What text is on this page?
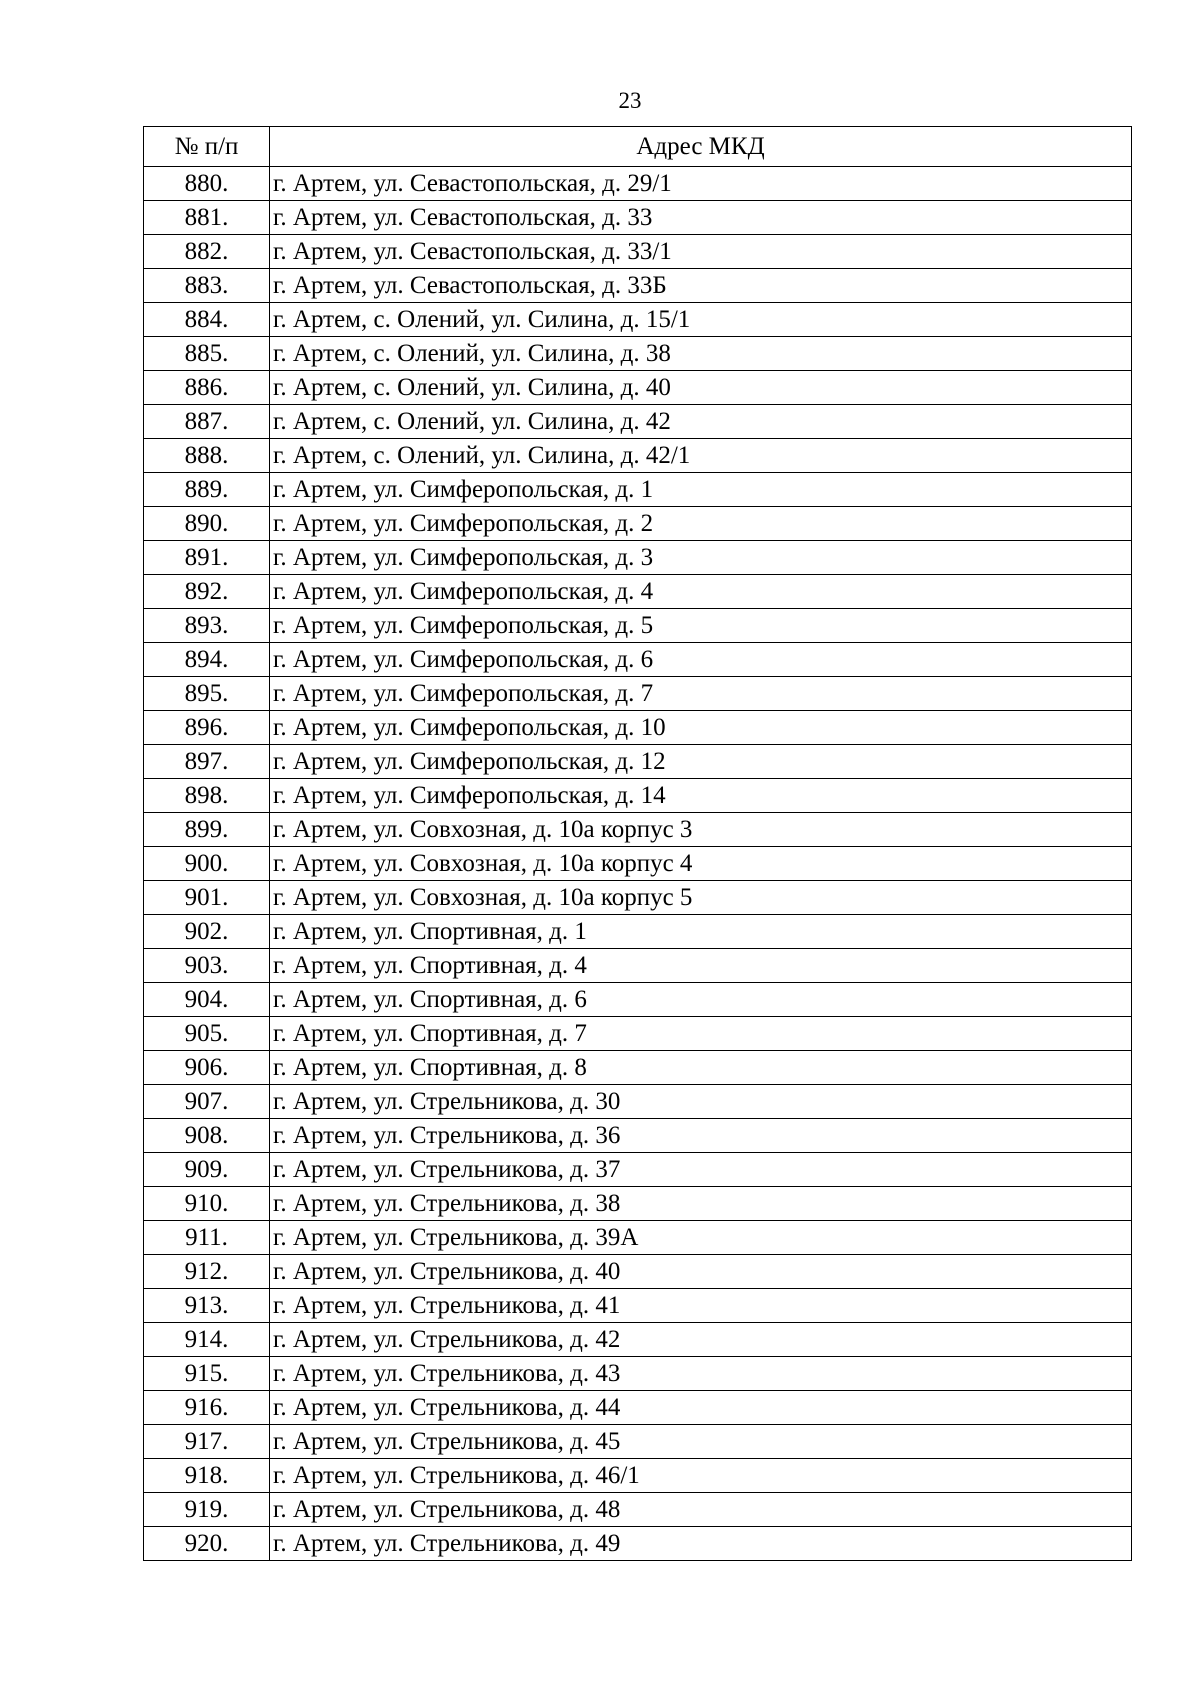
23
№ п/п	Адрес МКД
880.	г. Артем, ул. Севастопольская, д. 29/1
881.	г. Артем, ул. Севастопольская, д. 33
882.	г. Артем, ул. Севастопольская, д. 33/1
883.	г. Артем, ул. Севастопольская, д. 33Б
884.	г. Артем, с. Олений, ул. Силина, д. 15/1
885.	г. Артем, с. Олений, ул. Силина, д. 38
886.	г. Артем, с. Олений, ул. Силина, д. 40
887.	г. Артем, с. Олений, ул. Силина, д. 42
888.	г. Артем, с. Олений, ул. Силина, д. 42/1
889.	г. Артем, ул. Симферопольская, д. 1
890.	г. Артем, ул. Симферопольская, д. 2
891.	г. Артем, ул. Симферопольская, д. 3
892.	г. Артем, ул. Симферопольская, д. 4
893.	г. Артем, ул. Симферопольская, д. 5
894.	г. Артем, ул. Симферопольская, д. 6
895.	г. Артем, ул. Симферопольская, д. 7
896.	г. Артем, ул. Симферопольская, д. 10
897.	г. Артем, ул. Симферопольская, д. 12
898.	г. Артем, ул. Симферопольская, д. 14
899.	г. Артем, ул. Совхозная, д. 10а корпус 3
900.	г. Артем, ул. Совхозная, д. 10а корпус 4
901.	г. Артем, ул. Совхозная, д. 10а корпус 5
902.	г. Артем, ул. Спортивная, д. 1
903.	г. Артем, ул. Спортивная, д. 4
904.	г. Артем, ул. Спортивная, д. 6
905.	г. Артем, ул. Спортивная, д. 7
906.	г. Артем, ул. Спортивная, д. 8
907.	г. Артем, ул. Стрельникова, д. 30
908.	г. Артем, ул. Стрельникова, д. 36
909.	г. Артем, ул. Стрельникова, д. 37
910.	г. Артем, ул. Стрельникова, д. 38
911.	г. Артем, ул. Стрельникова, д. 39А
912.	г. Артем, ул. Стрельникова, д. 40
913.	г. Артем, ул. Стрельникова, д. 41
914.	г. Артем, ул. Стрельникова, д. 42
915.	г. Артем, ул. Стрельникова, д. 43
916.	г. Артем, ул. Стрельникова, д. 44
917.	г. Артем, ул. Стрельникова, д. 45
918.	г. Артем, ул. Стрельникова, д. 46/1
919.	г. Артем, ул. Стрельникова, д. 48
920.	г. Артем, ул. Стрельникова, д. 49
